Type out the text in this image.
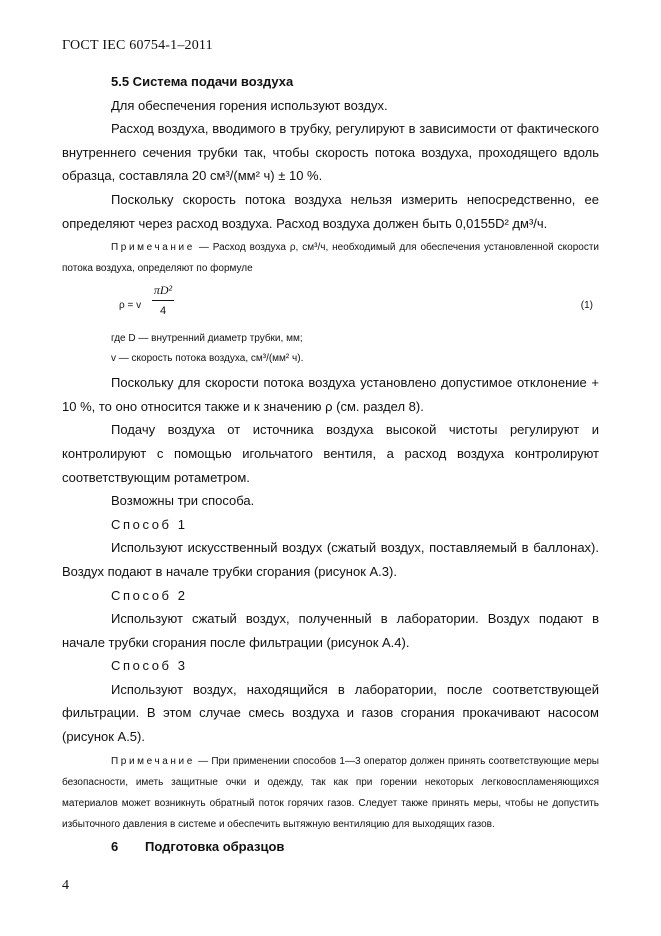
ГОСТ IEC 60754-1–2011

5.5 Система подачи воздуха

Для обеспечения горения используют воздух.

Расход воздуха, вводимого в трубку, регулируют в зависимости от фактического внутреннего сечения трубки так, чтобы скорость потока воздуха, проходящего вдоль образца, составляла 20 см³/(мм² ч) ± 10 %.

Поскольку скорость потока воздуха нельзя измерить непосредственно, ее определяют через расход воздуха. Расход воздуха должен быть 0,0155D² дм³/ч.

Примечание — Расход воздуха ρ, см³/ч, необходимый для обеспечения установленной скорости потока воздуха, определяют по формуле

ρ = v $\frac{\text{πD²}}{4}$	(1)
где D — внутренний диаметр трубки, мм;
v — скорость потока воздуха, см³/(мм² ч).

Поскольку для скорости потока воздуха установлено допустимое отклонение + 10 %, то оно относится также и к значению ρ (см. раздел 8).

Подачу воздуха от источника воздуха высокой чистоты регулируют и контролируют с помощью игольчатого вентиля, а расход воздуха контролируют соответствующим ротаметром.

Возможны три способа.

Способ 1

Используют искусственный воздух (сжатый воздух, поставляемый в баллонах). Воздух подают в начале трубки сгорания (рисунок А.3).

Способ 2

Используют сжатый воздух, полученный в лаборатории. Воздух подают в начале трубки сгорания после фильтрации (рисунок А.4).

Способ 3

Используют воздух, находящийся в лаборатории, после соответствующей фильтрации. В этом случае смесь воздуха и газов сгорания прокачивают насосом (рисунок А.5).

Примечание — При применении способов 1—3 оператор должен принять соответствующие меры безопасности, иметь защитные очки и одежду, так как при горении некоторых легковоспламеняющихся материалов может возникнуть обратный поток горячих газов. Следует также принять меры, чтобы не допустить избыточного давления в системе и обеспечить вытяжную вентиляцию для выходящих газов.

6 Подготовка образцов

4
